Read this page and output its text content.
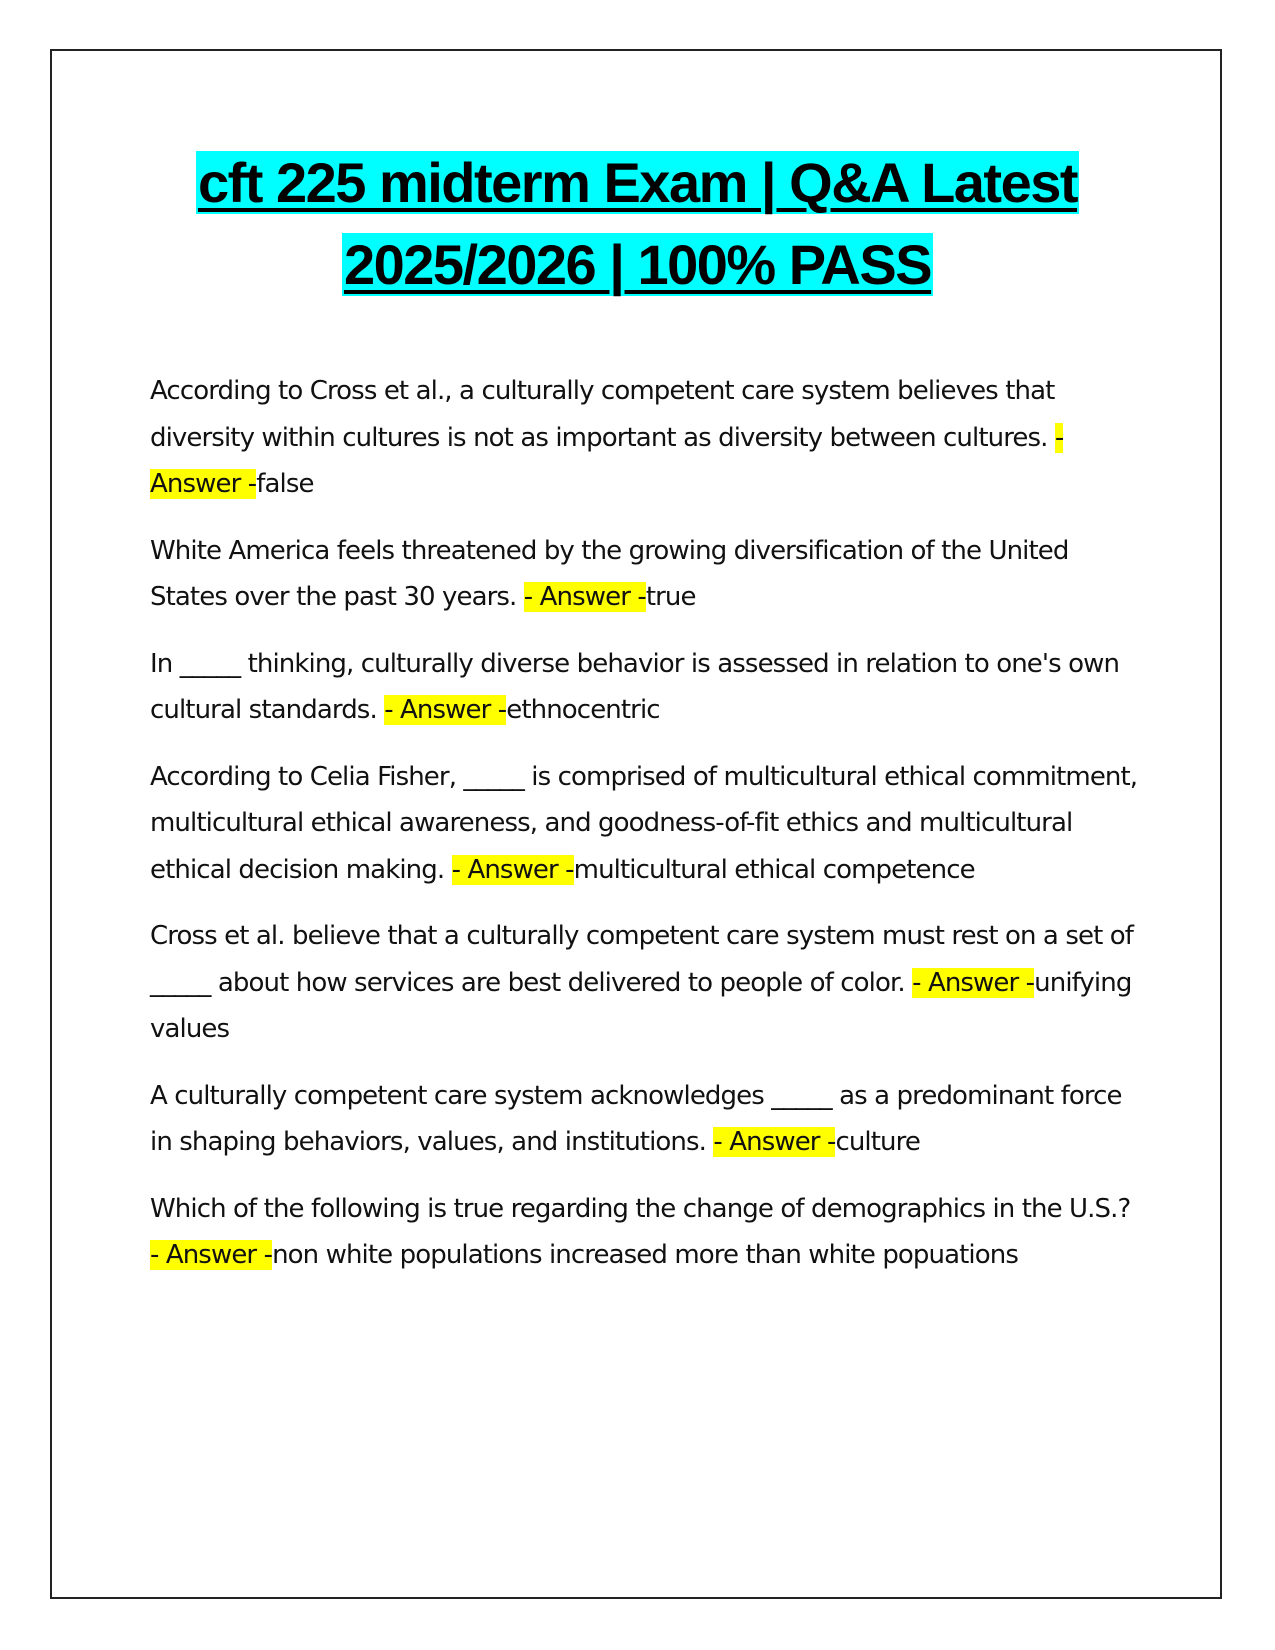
cft 225 midterm Exam | Q&A Latest
2025/2026 | 100% PASS

According to Cross et al., a culturally competent care system believes that diversity within cultures is not as important as diversity between cultures. - Answer -false

White America feels threatened by the growing diversification of the United States over the past 30 years. - Answer -true

In _____ thinking, culturally diverse behavior is assessed in relation to one's own cultural standards. - Answer -ethnocentric

According to Celia Fisher, _____ is comprised of multicultural ethical commitment, multicultural ethical awareness, and goodness-of-fit ethics and multicultural ethical decision making. - Answer -multicultural ethical competence

Cross et al. believe that a culturally competent care system must rest on a set of _____ about how services are best delivered to people of color. - Answer -unifying values

A culturally competent care system acknowledges _____ as a predominant force in shaping behaviors, values, and institutions. - Answer -culture

Which of the following is true regarding the change of demographics in the U.S.? - Answer -non white populations increased more than white popuations
